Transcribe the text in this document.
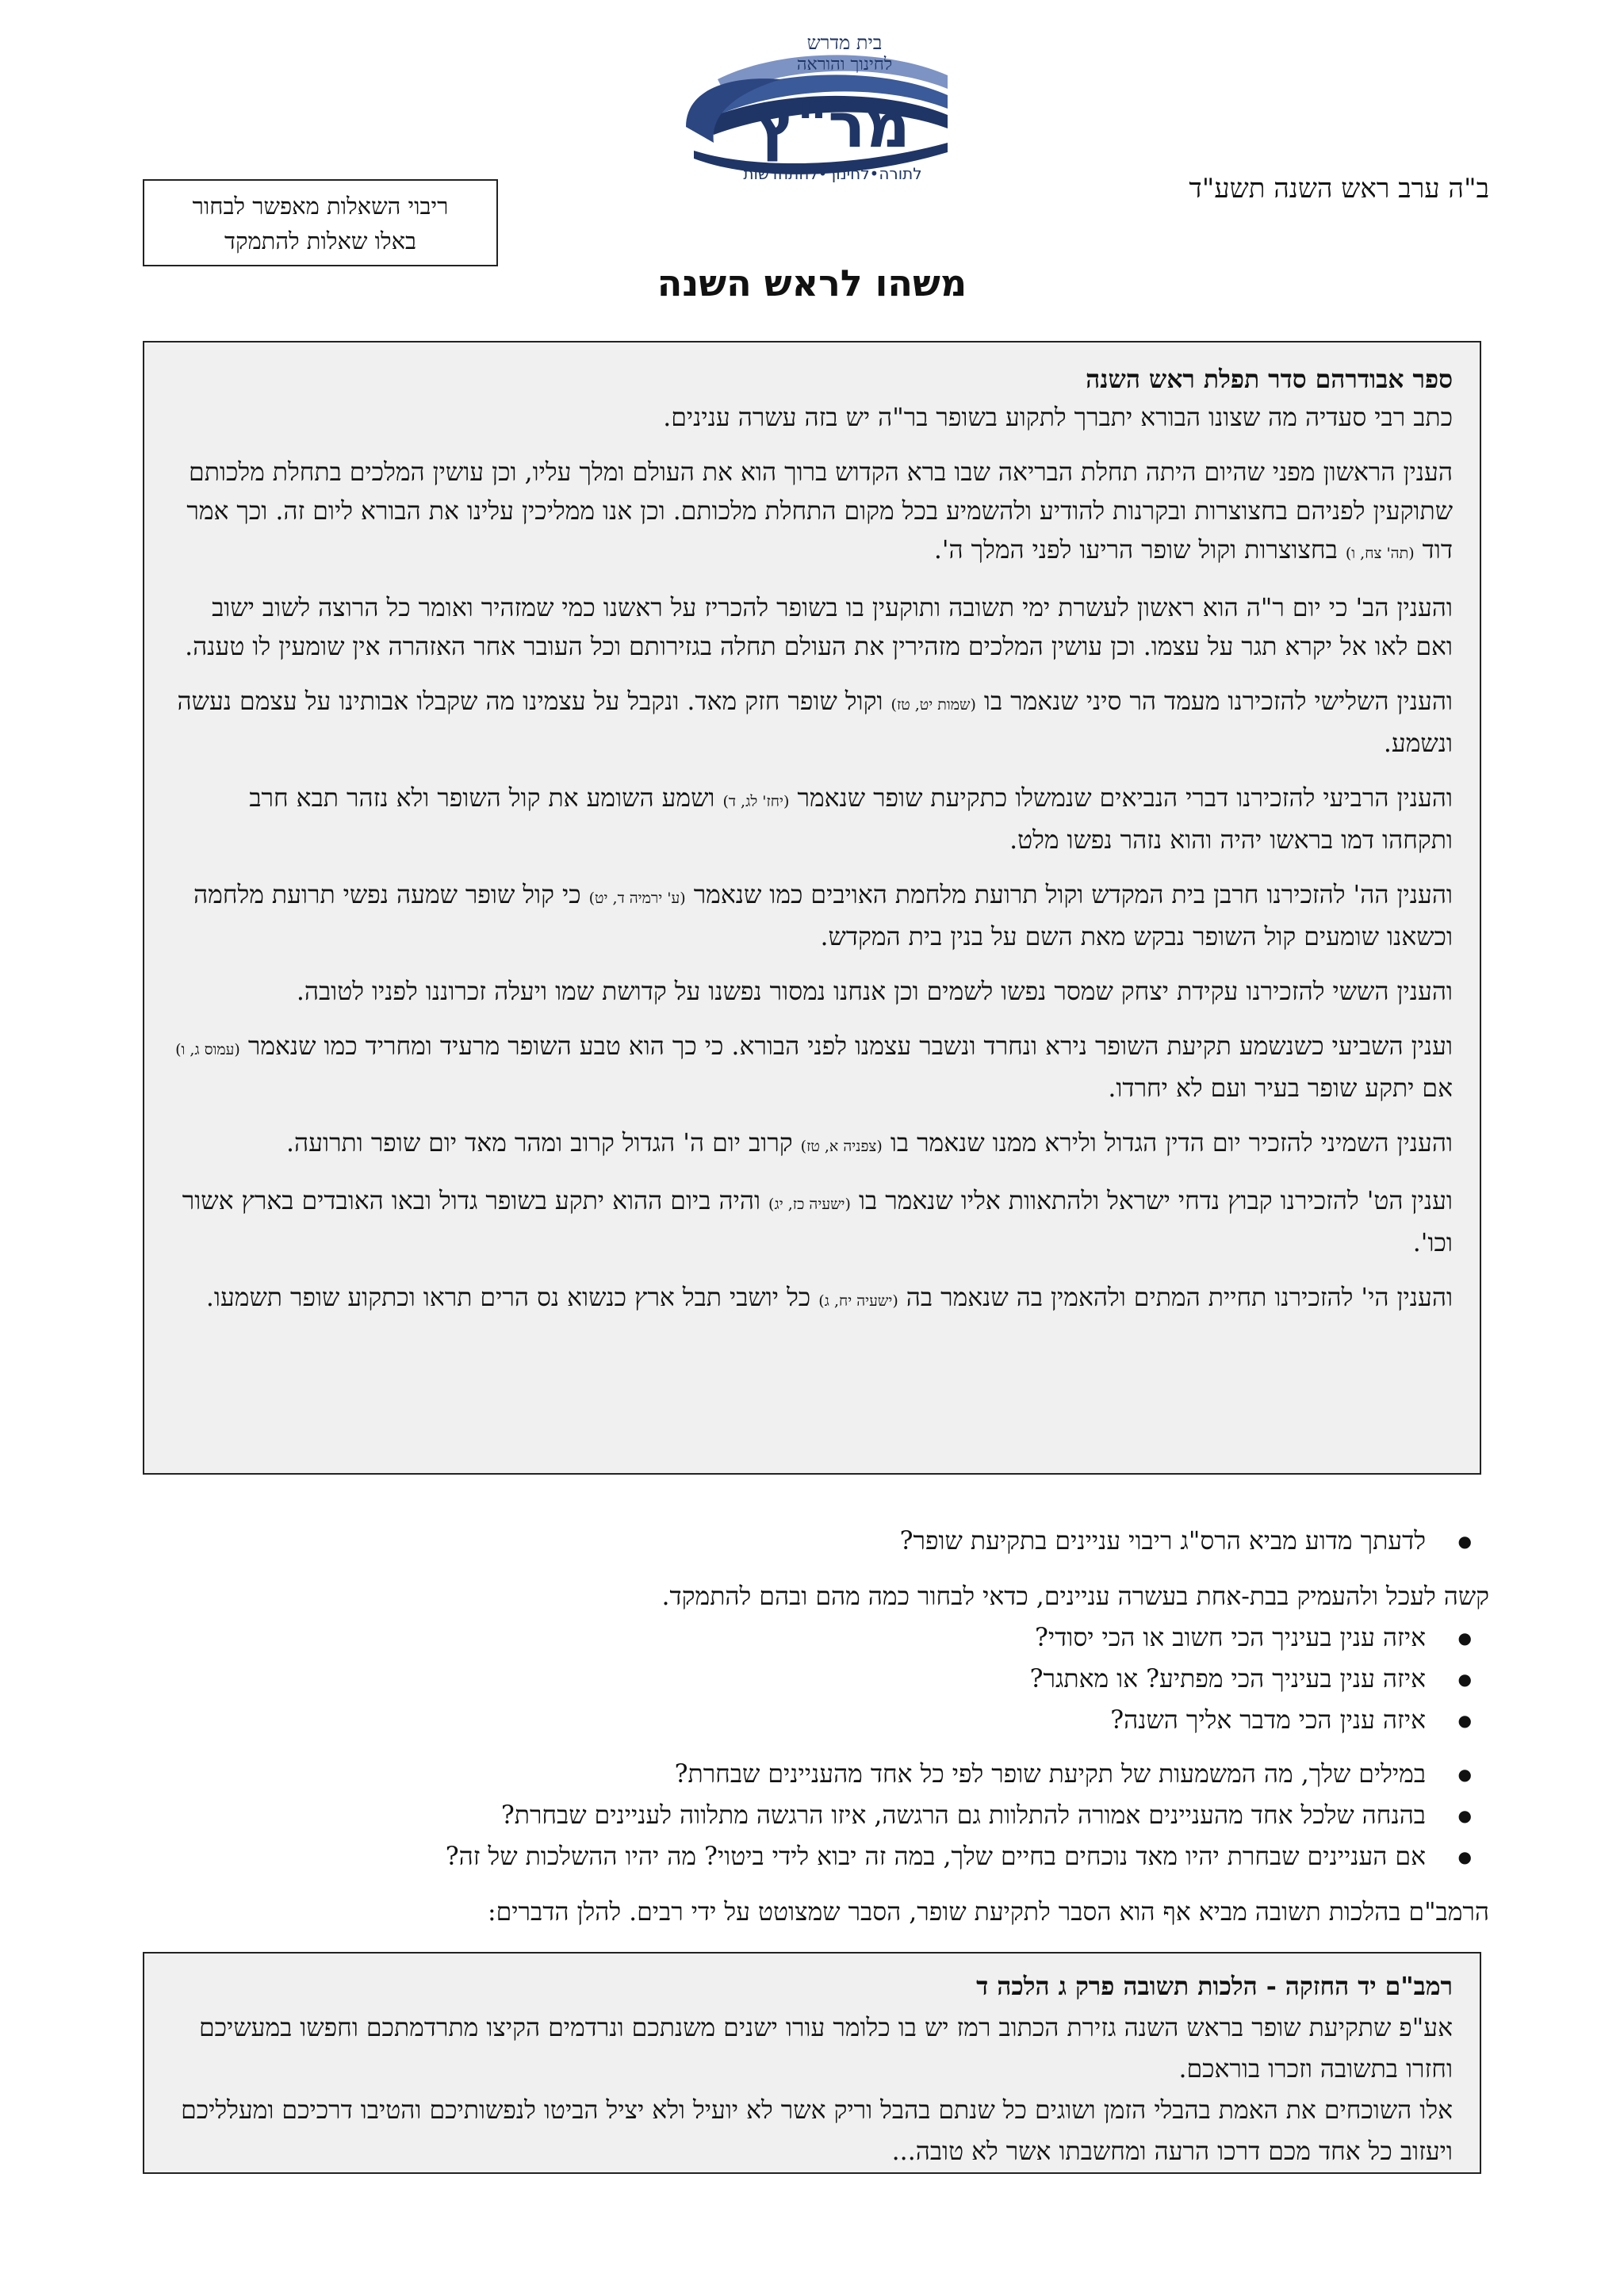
בית מדרש
לחינוך והוראה
מר"ץ
לתורה•לחינוך•להתחדשות	ב"ה ערב ראש השנה תשע"ד
ריבוי השאלות מאפשר לבחור
באלו שאלות להתמקד
משהו לראש השנה
ספר אבודרהם סדר תפלת ראש השנה

כתב רבי סעדיה מה שצונו הבורא יתברך לתקוע בשופר בר"ה יש בזה עשרה ענינים.

הענין הראשון מפני שהיום היתה תחלת הבריאה שבו ברא הקדוש ברוך הוא את העולם ומלך עליו, וכן עושין המלכים בתחלת מלכותם שתוקעין לפניהם בחצוצרות ובקרנות להודיע ולהשמיע בכל מקום התחלת מלכותם. וכן אנו ממליכין עלינו את הבורא ליום זה. וכך אמר דוד (תה' צח, ו) בחצוצרות וקול שופר הריעו לפני המלך ה'.

והענין הב' כי יום ר"ה הוא ראשון לעשרת ימי תשובה ותוקעין בו בשופר להכריז על ראשנו כמי שמזהיר ואומר כל הרוצה לשוב ישוב ואם לאו אל יקרא תגר על עצמו. וכן עושין המלכים מזהירין את העולם תחלה בגזירותם וכל העובר אחר האזהרה אין שומעין לו טענה.

והענין השלישי להזכירנו מעמד הר סיני שנאמר בו (שמות יט, טז) וקול שופר חזק מאד. ונקבל על עצמינו מה שקבלו אבותינו על עצמם נעשה ונשמע.

והענין הרביעי להזכירנו דברי הנביאים שנמשלו כתקיעת שופר שנאמר (יחז' לג, ד) ושמע השומע את קול השופר ולא נזהר תבא חרב ותקחהו דמו בראשו יהיה והוא נזהר נפשו מלט.

והענין הה' להזכירנו חרבן בית המקדש וקול תרועת מלחמת האויבים כמו שנאמר (ע' ירמיה ד, יט) כי קול שופר שמעה נפשי תרועת מלחמה וכשאנו שומעים קול השופר נבקש מאת השם על בנין בית המקדש.

והענין הששי להזכירנו עקידת יצחק שמסר נפשו לשמים וכן אנחנו נמסור נפשנו על קדושת שמו ויעלה זכרוננו לפניו לטובה.

וענין השביעי כשנשמע תקיעת השופר נירא ונחרד ונשבר עצמנו לפני הבורא. כי כך הוא טבע השופר מרעיד ומחריד כמו שנאמר (עמוס ג, ו) אם יתקע שופר בעיר ועם לא יחרדו.

והענין השמיני להזכיר יום הדין הגדול ולירא ממנו שנאמר בו (צפניה א, טז) קרוב יום ה' הגדול קרוב ומהר מאד יום שופר ותרועה.

וענין הט' להזכירנו קבוץ נדחי ישראל ולהתאוות אליו שנאמר בו (ישעיה כז, יג) והיה ביום ההוא יתקע בשופר גדול ובאו האובדים בארץ אשור וכו'.

והענין הי' להזכירנו תחיית המתים ולהאמין בה שנאמר בה (ישעיה יח, ג) כל יושבי תבל ארץ כנשוא נס הרים תראו וכתקוע שופר תשמעו.

● לדעתך מדוע מביא הרס"ג ריבוי עניינים בתקיעת שופר?
קשה לעכל ולהעמיק בבת-אחת בעשרה עניינים, כדאי לבחור כמה מהם ובהם להתמקד.
● איזה ענין בעיניך הכי חשוב או הכי יסודי?
● איזה ענין בעיניך הכי מפתיע? או מאתגר?
● איזה ענין הכי מדבר אליך השנה?
● במילים שלך, מה המשמעות של תקיעת שופר לפי כל אחד מהעניינים שבחרת?
● בהנחה שלכל אחד מהעניינים אמורה להתלוות גם הרגשה, איזו הרגשה מתלווה לעניינים שבחרת?
● אם העניינים שבחרת יהיו מאד נוכחים בחיים שלך, במה זה יבוא לידי ביטוי? מה יהיו ההשלכות של זה?
הרמב"ם בהלכות תשובה מביא אף הוא הסבר לתקיעת שופר, הסבר שמצוטט על ידי רבים. להלן הדברים:
רמב"ם יד החזקה - הלכות תשובה פרק ג הלכה ד

אע"פ שתקיעת שופר בראש השנה גזירת הכתוב רמז יש בו כלומר עורו ישנים משנתכם ונרדמים הקיצו מתרדמתכם וחפשו במעשיכם וחזרו בתשובה וזכרו בוראכם.

אלו השוכחים את האמת בהבלי הזמן ושוגים כל שנתם בהבל וריק אשר לא יועיל ולא יציל הביטו לנפשותיכם והטיבו דרכיכם ומעלליכם ויעזוב כל אחד מכם דרכו הרעה ומחשבתו אשר לא טובה...
